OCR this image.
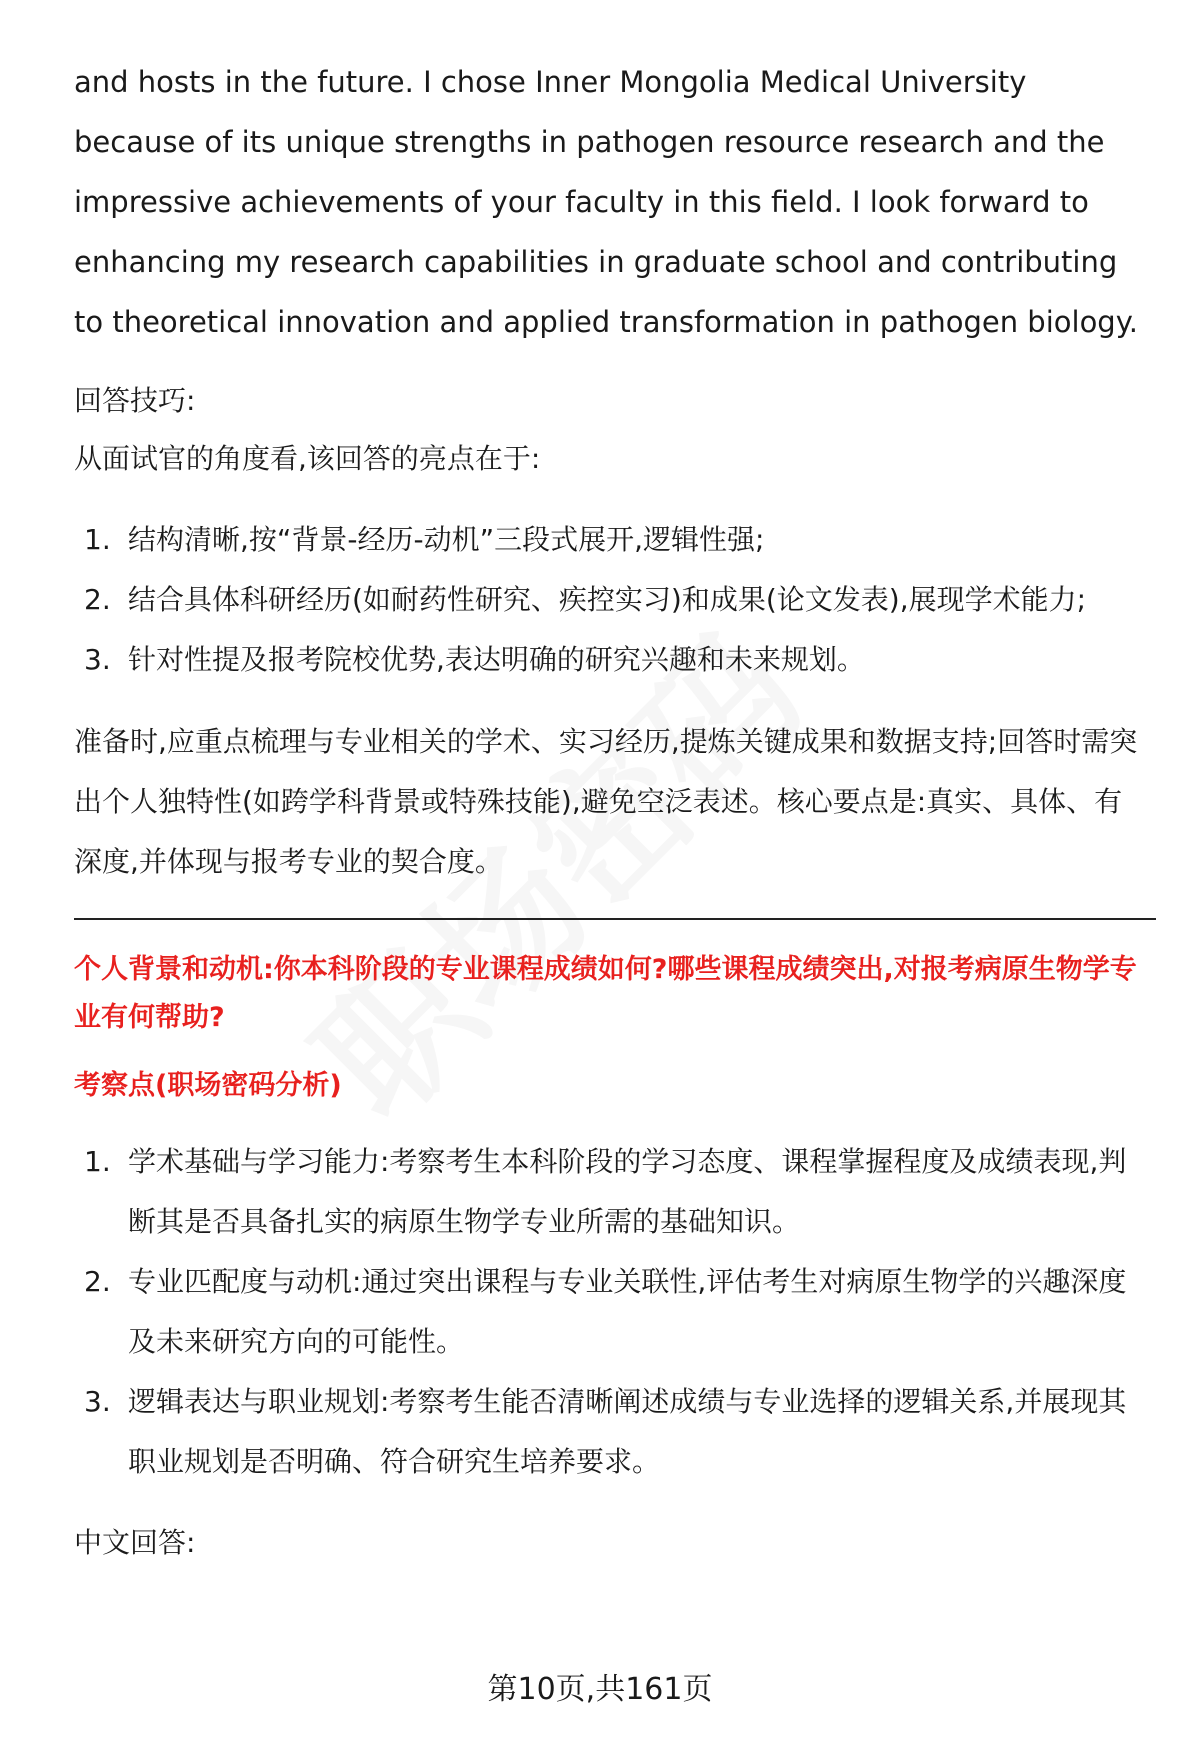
and hosts in the future. I chose Inner Mongolia Medical University because of its unique strengths in pathogen resource research and the impressive achievements of your faculty in this field. I look forward to enhancing my research capabilities in graduate school and contributing to theoretical innovation and applied transformation in pathogen biology.

回答技巧:

从面试官的角度看,该回答的亮点在于:

1. 结构清晰,按“背景-经历-动机”三段式展开,逻辑性强;
2. 结合具体科研经历(如耐药性研究、疾控实习)和成果(论文发表),展现学术能力;
3. 针对性提及报考院校优势,表达明确的研究兴趣和未来规划。

准备时,应重点梳理与专业相关的学术、实习经历,提炼关键成果和数据支持;回答时需突出个人独特性(如跨学科背景或特殊技能),避免空泛表述。核心要点是:真实、具体、有深度,并体现与报考专业的契合度。

个人背景和动机:你本科阶段的专业课程成绩如何?哪些课程成绩突出,对报考病原生物学专业有何帮助?

考察点(职场密码分析)

1. 学术基础与学习能力:考察考生本科阶段的学习态度、课程掌握程度及成绩表现,判断其是否具备扎实的病原生物学专业所需的基础知识。
2. 专业匹配度与动机:通过突出课程与专业关联性,评估考生对病原生物学的兴趣深度及未来研究方向的可能性。
3. 逻辑表达与职业规划:考察考生能否清晰阐述成绩与专业选择的逻辑关系,并展现其职业规划是否明确、符合研究生培养要求。

中文回答:

第10页,共161页
